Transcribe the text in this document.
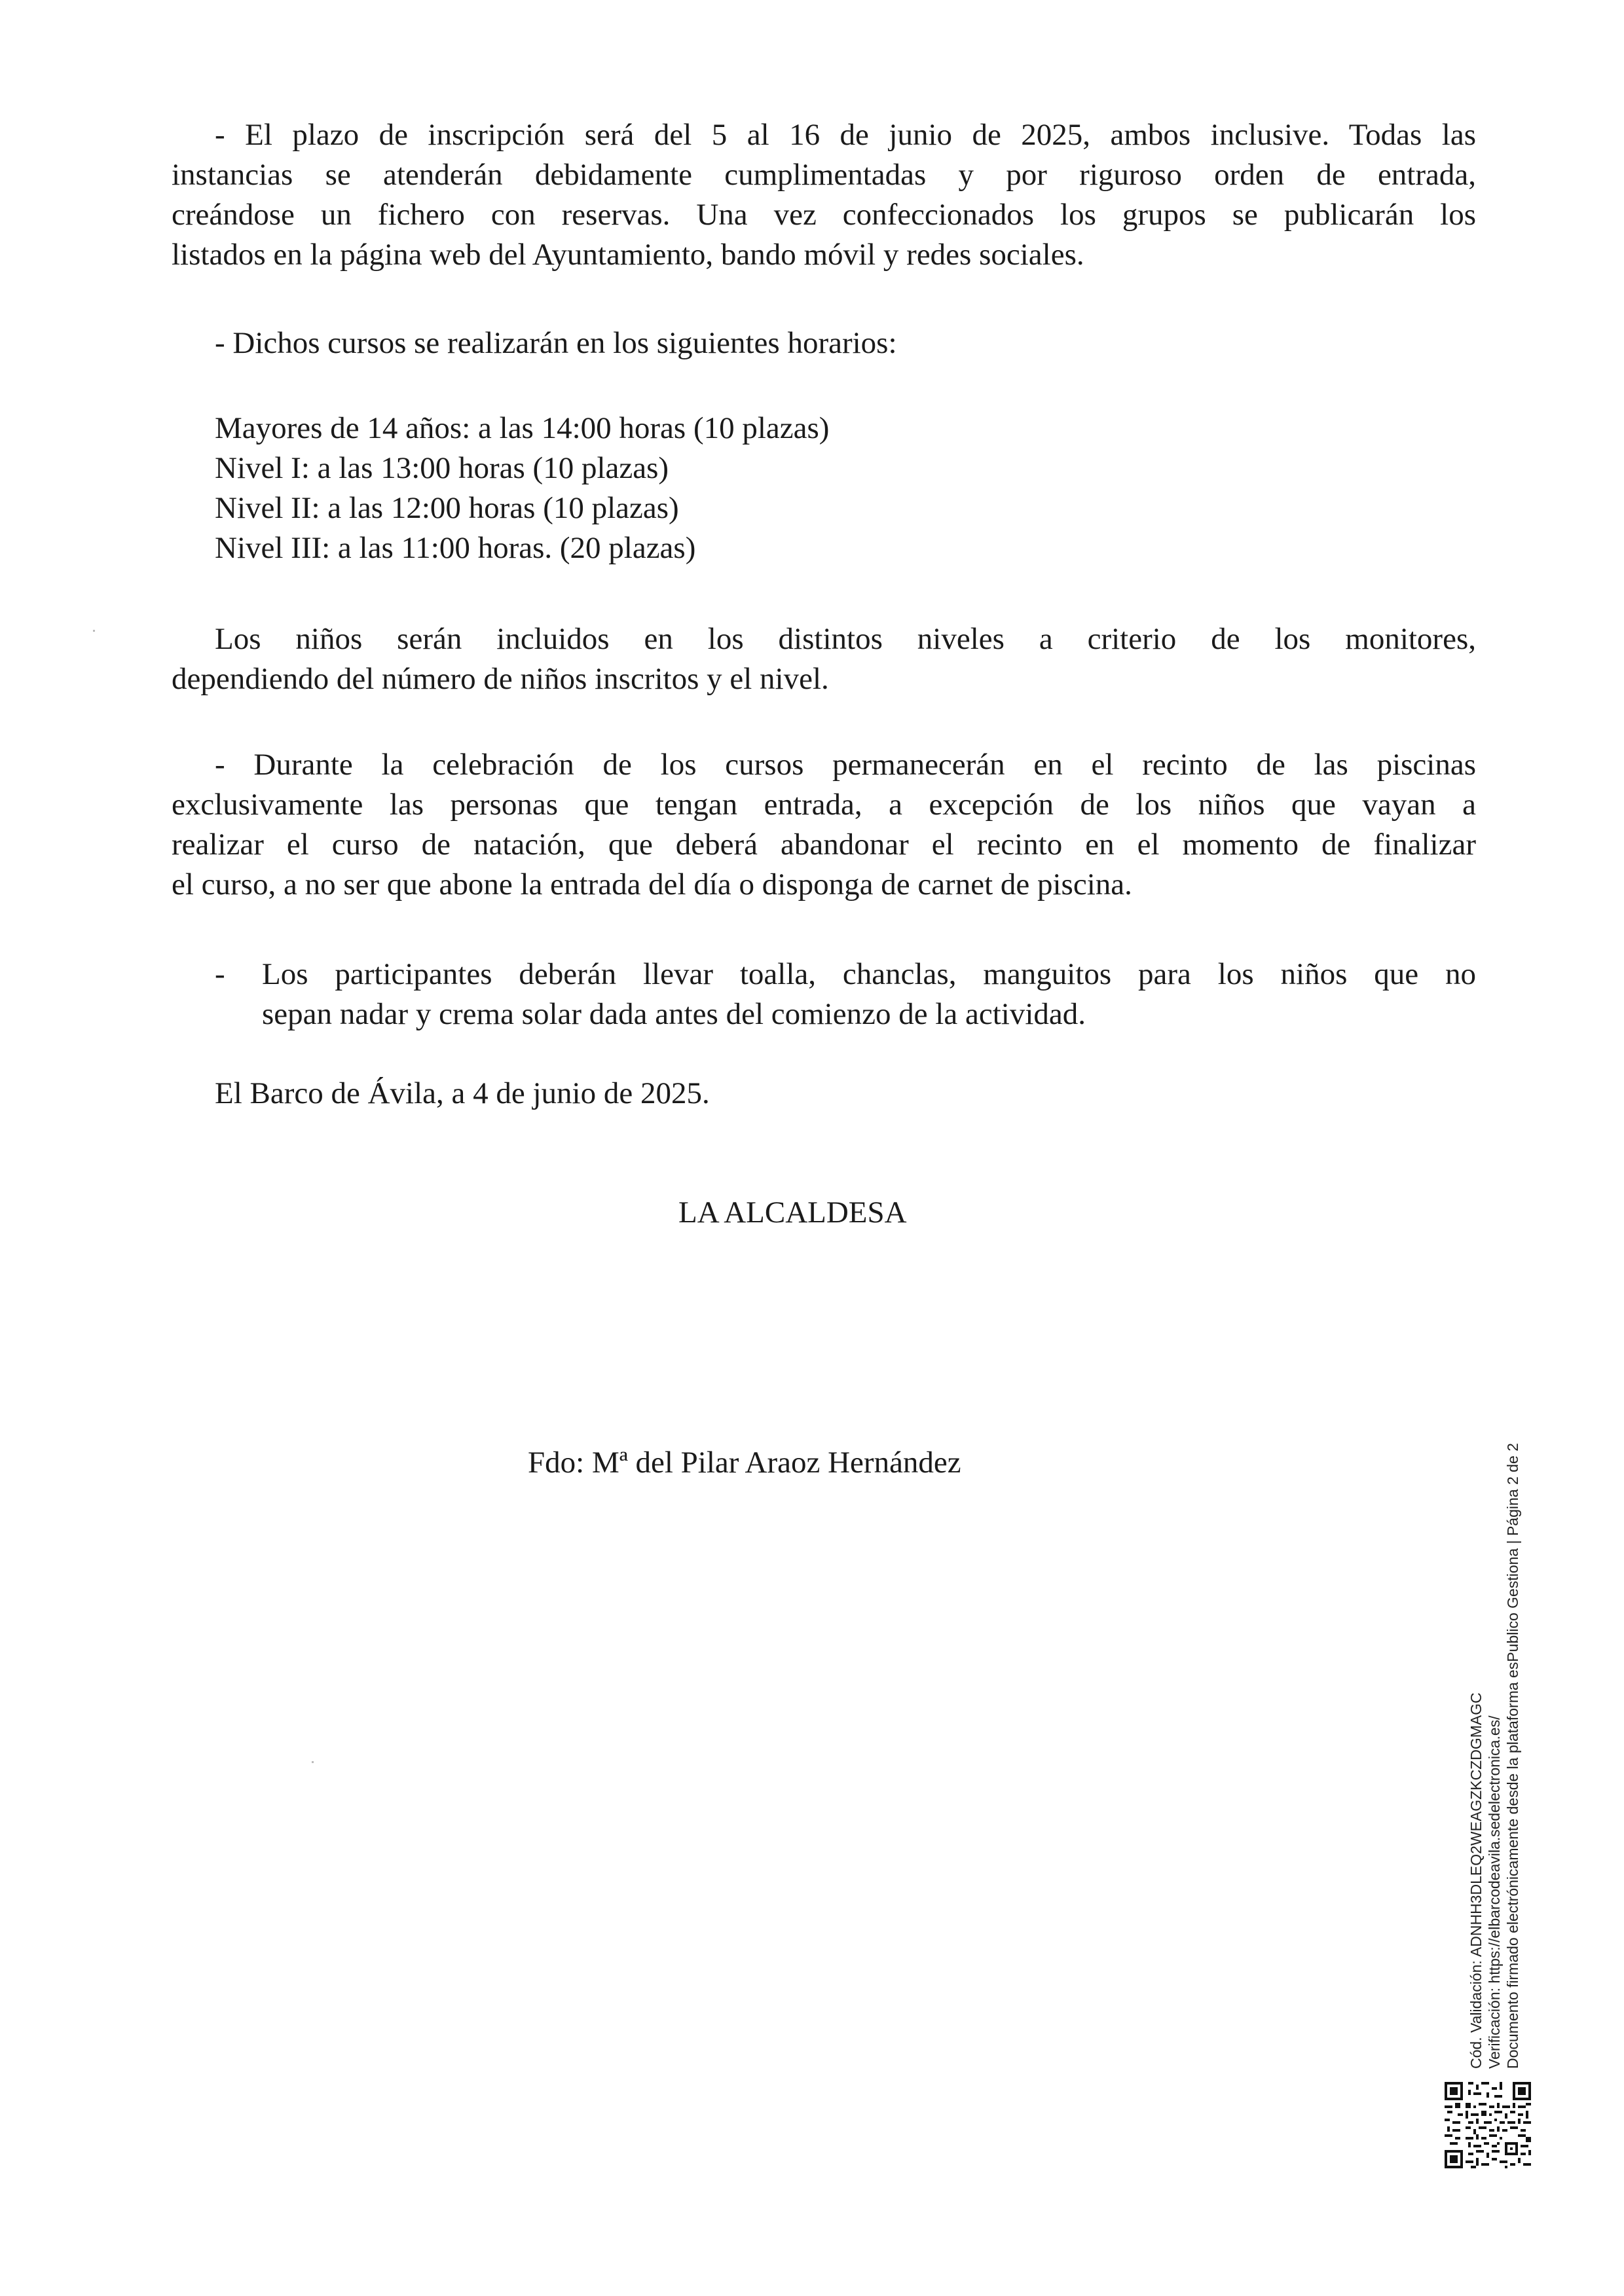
- El plazo de inscripción será del 5 al 16 de junio de 2025, ambos inclusive. Todas las
instancias se atenderán debidamente cumplimentadas y por riguroso orden de entrada,
creándose un fichero con reservas. Una vez confeccionados los grupos se publicarán los
listados en la página web del Ayuntamiento, bando móvil y redes sociales.
- Dichos cursos se realizarán en los siguientes horarios:
Mayores de 14 años: a las 14:00 horas (10 plazas)
Nivel I: a las 13:00 horas (10 plazas)
Nivel II: a las 12:00 horas (10 plazas)
Nivel III: a las 11:00 horas. (20 plazas)
Los niños serán incluidos en los distintos niveles a criterio de los monitores,
dependiendo del número de niños inscritos y el nivel.
- Durante la celebración de los cursos permanecerán en el recinto de las piscinas
exclusivamente las personas que tengan entrada, a excepción de los niños que vayan a
realizar el curso de natación, que deberá abandonar el recinto en el momento de finalizar
el curso, a no ser que abone la entrada del día o disponga de carnet de piscina.
- Los participantes deberán llevar toalla, chanclas, manguitos para los niños que no
sepan nadar y crema solar dada antes del comienzo de la actividad.
El Barco de Ávila, a 4 de junio de 2025.
LA ALCALDESA
Fdo: Mª del Pilar Araoz Hernández
Cód. Validación: ADNHH3DLEQ2WEAGZKCZDGMAGC Verificación: https://elbarcodeavila.sedelectronica.es/ Documento firmado electrónicamente desde la plataforma esPublico Gestiona | Página 2 de 2
